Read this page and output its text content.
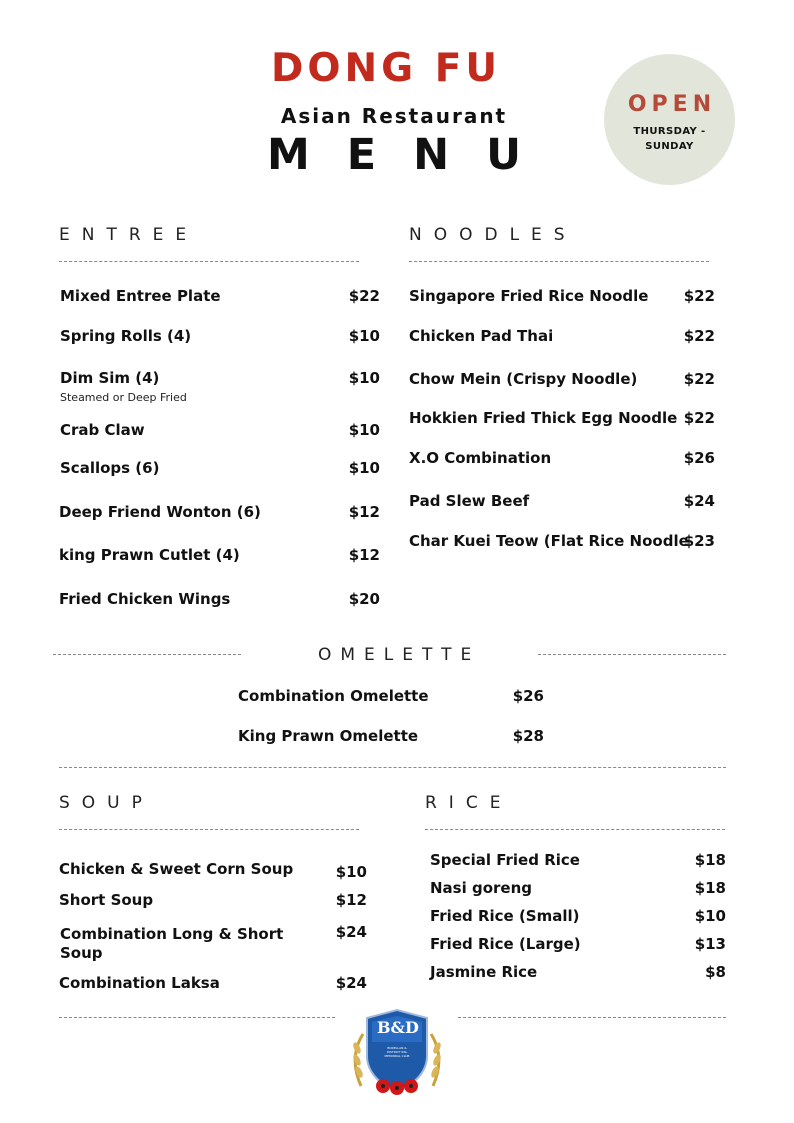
DONG FU
Asian Restaurant
MENU
OPEN
THURSDAY - SUNDAY
ENTREE
Mixed Entree Plate	$22
Spring Rolls (4)	$10
Dim Sim (4)	$10
Steamed or Deep Fried
Crab Claw	$10
Scallops (6)	$10
Deep Friend Wonton (6)	$12
king Prawn Cutlet (4)	$12
Fried Chicken Wings	$20
NOODLES
Singapore Fried Rice Noodle	$22
Chicken Pad Thai	$22
Chow Mein (Crispy Noodle)	$22
Hokkien Fried Thick Egg Noodle $22
X.O Combination	$26
Pad Slew Beef	$24
Char Kuei Teow (Flat Rice Noodle
$23
OMELETTE
Combination Omelette	$26
King Prawn Omelette	$28
SOUP
Chicken & Sweet Corn Soup	$10
Short Soup	$12
Combination Long & Short Soup
$24
Combination Laksa	$24
RICE
Special Fried Rice	$18
Nasi goreng	$18
Fried Rice (Small)	$10
Fried Rice (Large)	$13
Jasmine Rice	$8
B&D
BORELLAN & DISTRICT RSL MEMORIAL CLUB
